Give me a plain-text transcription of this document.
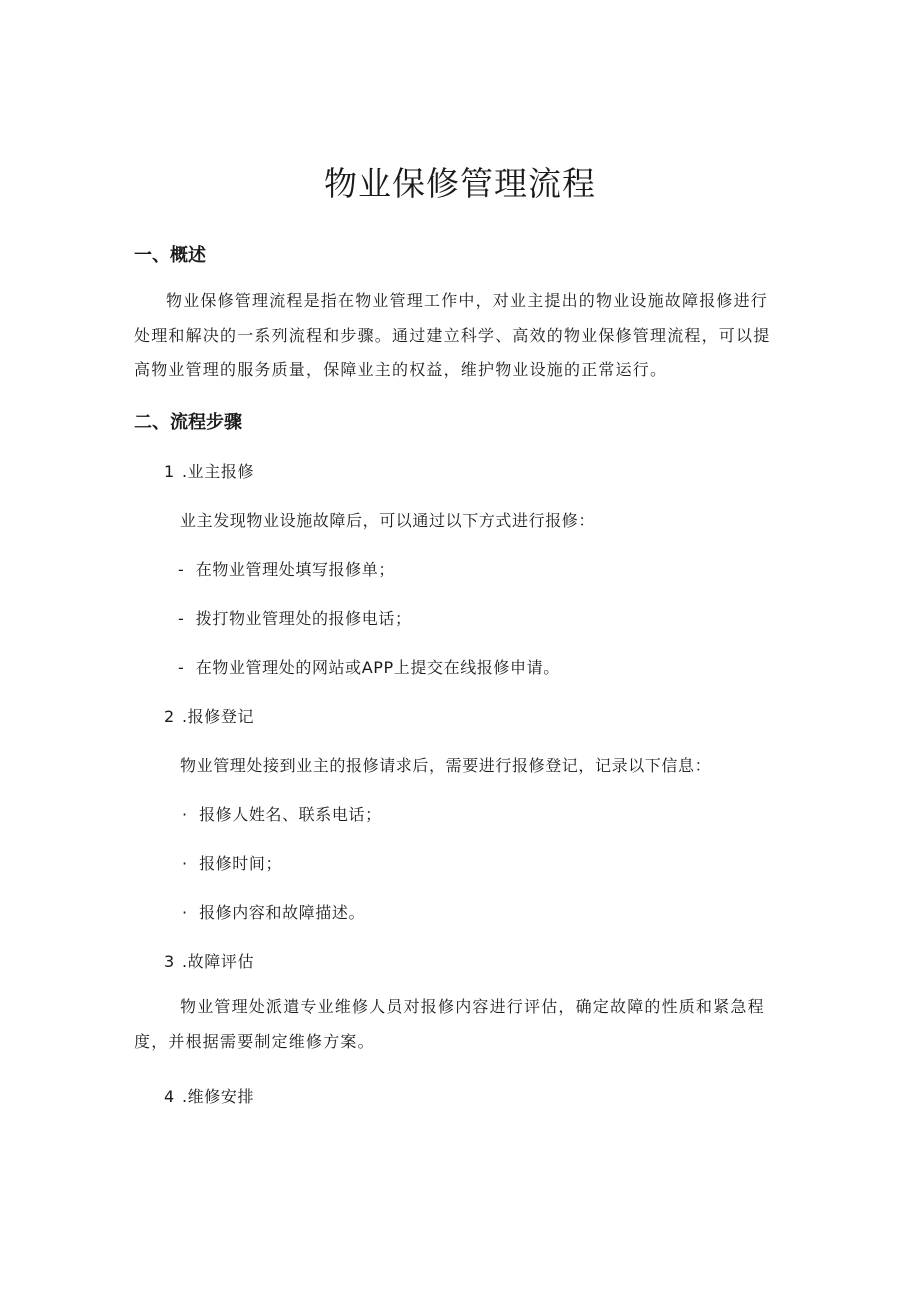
物业保修管理流程
一、概述
物业保修管理流程是指在物业管理工作中，对业主提出的物业设施故障报修进行处理和解决的一系列流程和步骤。通过建立科学、高效的物业保修管理流程，可以提高物业管理的服务质量，保障业主的权益，维护物业设施的正常运行。
二、流程步骤
1 .业主报修
业主发现物业设施故障后，可以通过以下方式进行报修：
- 在物业管理处填写报修单；
- 拨打物业管理处的报修电话；
- 在物业管理处的网站或APP上提交在线报修申请。
2 .报修登记
物业管理处接到业主的报修请求后，需要进行报修登记，记录以下信息：
· 报修人姓名、联系电话；
· 报修时间；
· 报修内容和故障描述。
3 .故障评估
物业管理处派遣专业维修人员对报修内容进行评估，确定故障的性质和紧急程度，并根据需要制定维修方案。
4 .维修安排
